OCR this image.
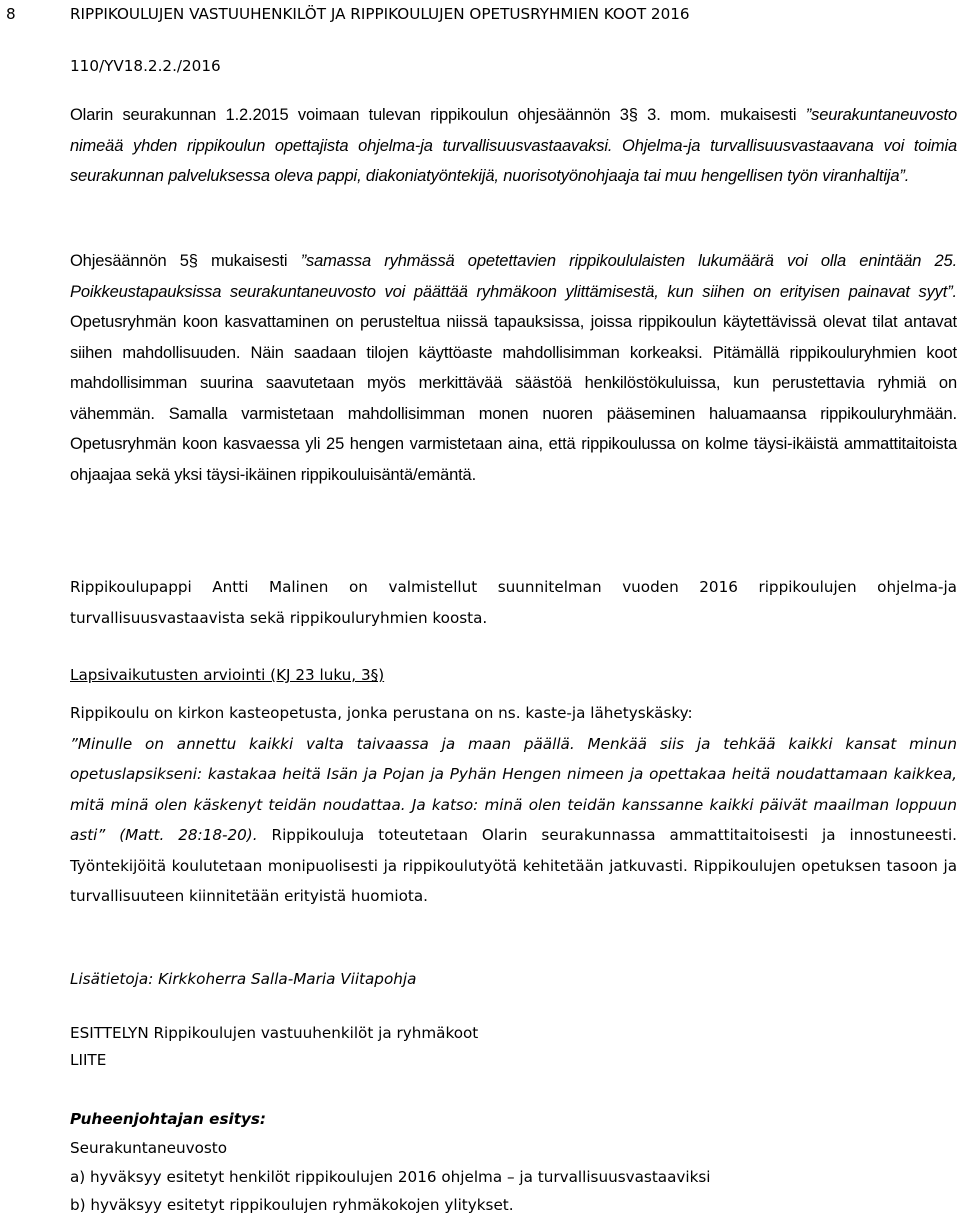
8	RIPPIKOULUJEN VASTUUHENKILÖT JA RIPPIKOULUJEN OPETUSRYHMIEN KOOT 2016
110/YV18.2.2./2016
Olarin seurakunnan 1.2.2015 voimaan tulevan rippikoulun ohjesäännön 3§ 3. mom. mukaisesti ”seurakuntaneuvosto nimeää yhden rippikoulun opettajista ohjelma-ja turvallisuusvastaavaksi. Ohjelma-ja turvallisuusvastaavana voi toimia seurakunnan palveluksessa oleva pappi, diakoniatyöntekijä, nuorisotyönohjaaja tai muu hengellisen työn viranhaltija”.
Ohjesäännön 5§ mukaisesti ”samassa ryhmässä opetettavien rippikoululaisten lukumäärä voi olla enintään 25. Poikkeustapauksissa seurakuntaneuvosto voi päättää ryhmäkoon ylittämisestä, kun siihen on erityisen painavat syyt”. Opetusryhmän koon kasvattaminen on perusteltua niissä tapauksissa, joissa rippikoulun käytettävissä olevat tilat antavat siihen mahdollisuuden. Näin saadaan tilojen käyttöaste mahdollisimman korkeaksi. Pitämällä rippikouluryhmien koot mahdollisimman suurina saavutetaan myös merkittävää säästöä henkilöstökuluissa, kun perustettavia ryhmiä on vähemmän. Samalla varmistetaan mahdollisimman monen nuoren pääseminen haluamaansa rippikouluryhmään. Opetusryhmän koon kasvaessa yli 25 hengen varmistetaan aina, että rippikoulussa on kolme täysi-ikäistä ammattitaitoista ohjaajaa sekä yksi täysi-ikäinen rippikouluisäntä/emäntä.
Rippikoulupappi Antti Malinen on valmistellut suunnitelman vuoden 2016 rippikoulujen ohjelma-ja turvallisuusvastaavista sekä rippikouluryhmien koosta.
Lapsivaikutusten arviointi (KJ 23 luku, 3§)
Rippikoulu on kirkon kasteopetusta, jonka perustana on ns. kaste-ja lähetyskäsky:
”Minulle on annettu kaikki valta taivaassa ja maan päällä. Menkää siis ja tehkää kaikki kansat minun opetuslapsikseni: kastakaa heitä Isän ja Pojan ja Pyhän Hengen nimeen ja opettakaa heitä noudattamaan kaikkea, mitä minä olen käskenyt teidän noudattaa. Ja katso: minä olen teidän kanssanne kaikki päivät maailman loppuun asti” (Matt. 28:18-20). Rippikouluja toteutetaan Olarin seurakunnassa ammattitaitoisesti ja innostuneesti. Työntekijöitä koulutetaan monipuolisesti ja rippikoulutyötä kehitetään jatkuvasti. Rippikoulujen opetuksen tasoon ja turvallisuuteen kiinnitetään erityistä huomiota.
Lisätietoja: Kirkkoherra Salla-Maria Viitapohja
ESITTELYN Rippikoulujen vastuuhenkilöt ja ryhmäkoot
LIITE
Puheenjohtajan esitys:
Seurakuntaneuvosto
a) hyväksyy esitetyt henkilöt rippikoulujen 2016 ohjelma – ja turvallisuusvastaaviksi
b) hyväksyy esitetyt rippikoulujen ryhmäkokojen ylitykset.
